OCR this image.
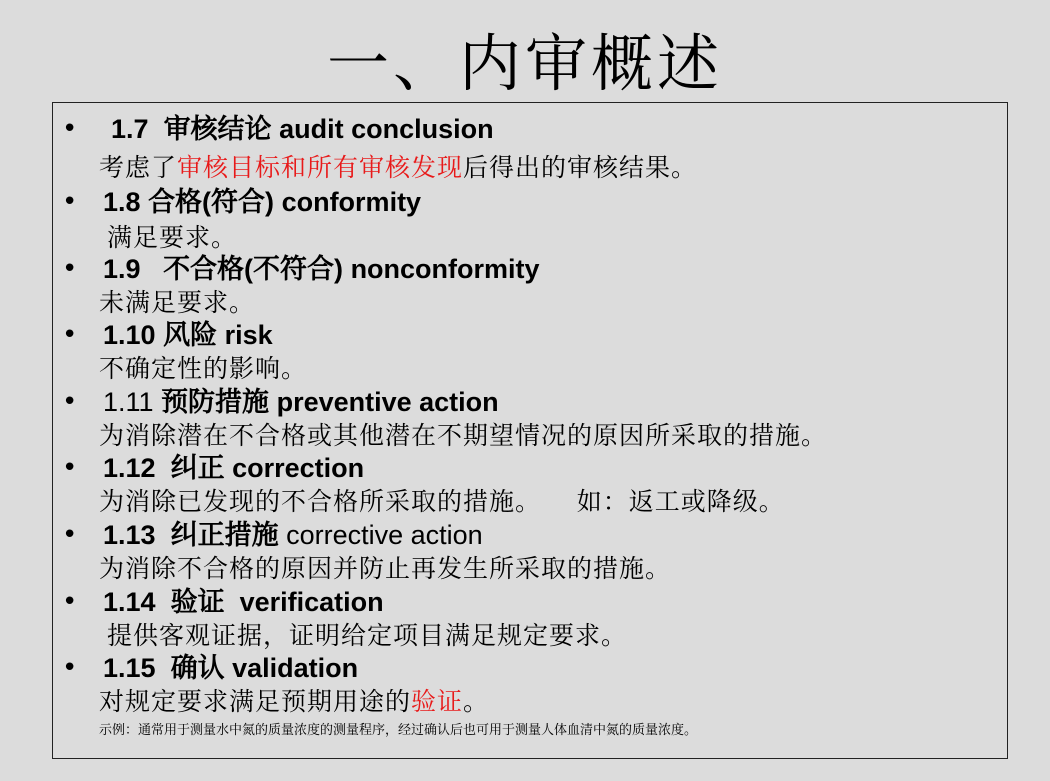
一、内审概述
• 1.7 审核结论 audit conclusion
考虑了审核目标和所有审核发现后得出的审核结果。
• 1.8 合格(符合) conformity
满足要求。
• 1.9 不合格(不符合) nonconformity
未满足要求。
• 1.10 风险 risk
不确定性的影响。
• 1.11 预防措施 preventive action
为消除潜在不合格或其他潜在不期望情况的原因所采取的措施。
• 1.12 纠正 correction
为消除已发现的不合格所采取的措施。    如：返工或降级。
• 1.13 纠正措施 corrective action
为消除不合格的原因并防止再发生所采取的措施。
• 1.14 验证 verification
提供客观证据，证明给定项目满足规定要求。
• 1.15 确认 validation
对规定要求满足预期用途的验证。
示例：通常用于测量水中氮的质量浓度的测量程序，经过确认后也可用于测量人体血清中氮的质量浓度。
